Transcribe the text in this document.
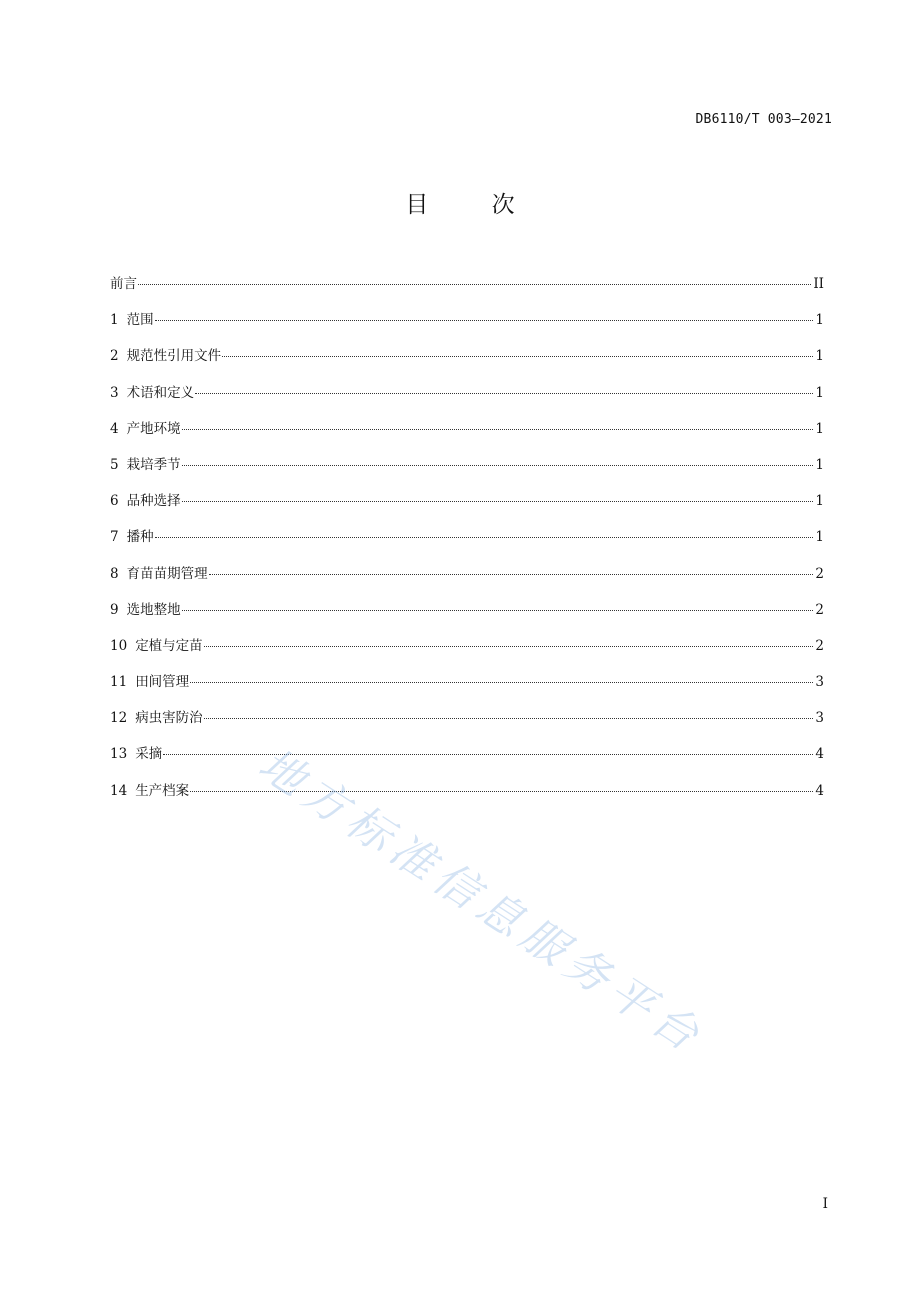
DB6110/T 003—2021
目 次
前言	II
1 范围	1
2 规范性引用文件	1
3 术语和定义	1
4 产地环境	1
5 栽培季节	1
6 品种选择	1
7 播种	1
8 育苗苗期管理	2
9 选地整地	2
10 定植与定苗	2
11 田间管理	3
12 病虫害防治	3
13 采摘	4
14 生产档案	4
地方标准信息服务平台
I
